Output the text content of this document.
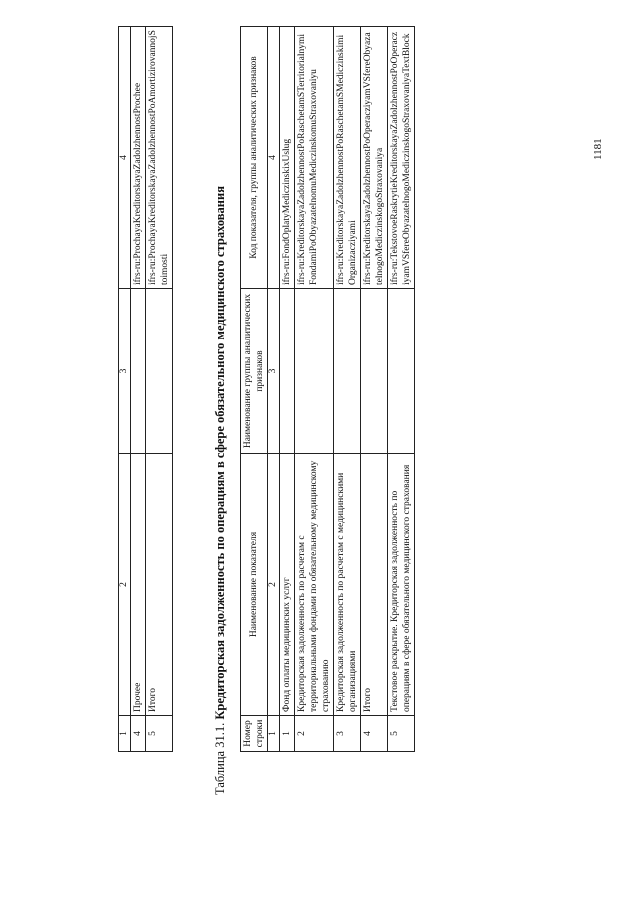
1	2	3	4
4	Прочее		ifrs-ru:ProchayaKreditorskayaZadolzhennostProchee
5	Итого		ifrs-ru:ProchayaKreditorskayaZadolzhennostPoAmortizirovannojStoimosti
Таблица 31.1. Кредиторская задолженность по операциям в сфере обязательного медицинского страхования
Номер строки	Наименование показателя	Наименование группы аналитических признаков	Код показателя, группы аналитических признаков
1	2	3	4
1	Фонд оплаты медицинских услуг		ifrs-ru:FondOplatyMediczinskixUslug
2	Кредиторская задолженность по расчетам с территориальными фондами по обязательному медицинскому страхованию		ifrs-ru:KreditorskayaZadolzhennostPoRaschetamSTerritorialnymiFondamiPoObyazatelnomuMediczinskomuStraxovaniyu
3	Кредиторская задолженность по расчетам с медицинскими организациями		ifrs-ru:KreditorskayaZadolzhennostPoRaschetamSMediczinskimiOrganizacziyami
4	Итого		ifrs-ru:KreditorskayaZadolzhennostPoOperacziyamVSfereObyazatelnogoMediczinskogoStraxovaniya
5	Текстовое раскрытие. Кредиторская задолженность по операциям в сфере обязательного медицинского страхования		ifrs-ru:TekstovoeRaskrytieKreditorskayaZadolzhennostPoOperacziyamVSfereObyazatelnogoMediczinskogoStraxovaniyaTextBlock	1181
